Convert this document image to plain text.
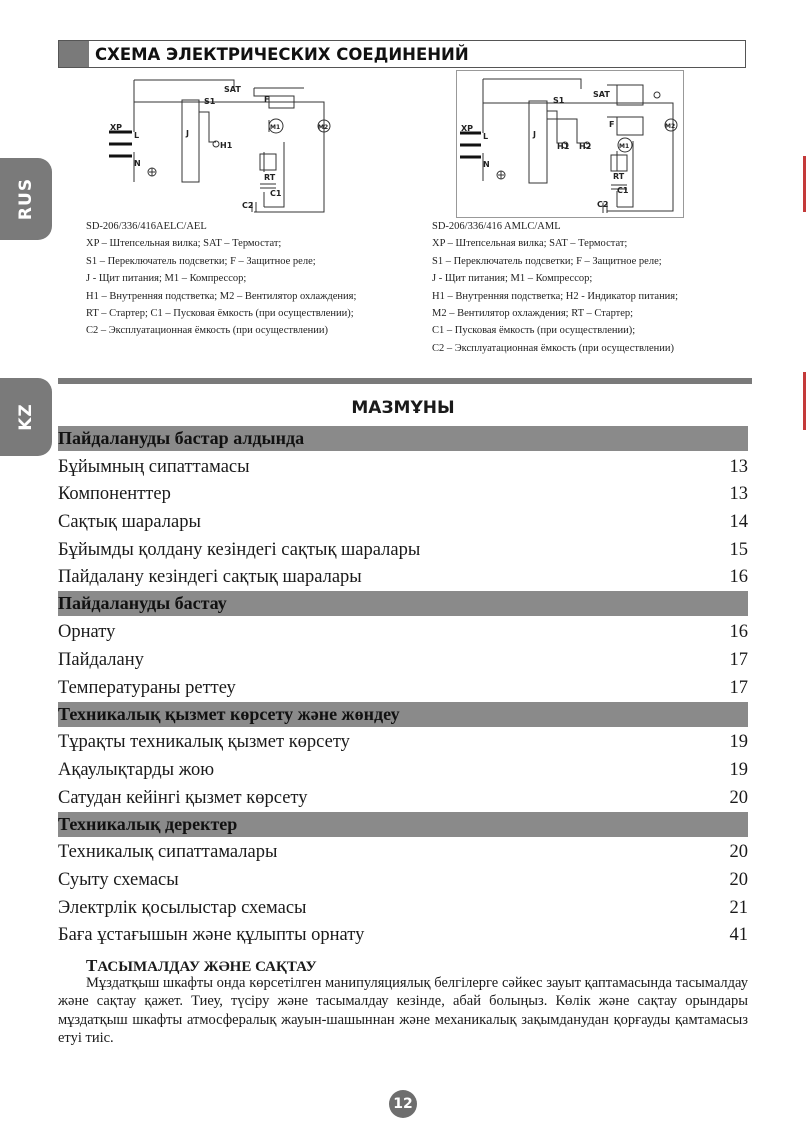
RUS
KZ
СХЕМА ЭЛЕКТРИЧЕСКИХ СОЕДИНЕНИЙ
XP
L
N
J
S1
H1
SAT
F
M1	M2
RT
C1
C2
XP
L
N
J
S1
H1 H2
SAT
F
M1
M2
RT
C1
C2
SD-206/336/416AELC/AEL
XP – Штепсельная вилка; SAT – Термостат;
S1 – Переключатель подсветки; F – Защитное реле;
J - Щит питания; M1 – Компрессор;
H1 – Внутренняя подстветка; M2 – Вентилятор охлаждения;
RT – Стартер; C1 – Пусковая ёмкость (при осуществлении);
C2 – Эксплуатационная ёмкость (при осуществлении)
SD-206/336/416 AMLC/AML
XP – Штепсельная вилка; SAT – Термостат;
S1 – Переключатель подсветки; F – Защитное реле;
J - Щит питания; M1 – Компрессор;
H1 – Внутренняя подстветка; H2 - Индикатор питания;
M2 – Вентилятор охлаждения; RT – Стартер;
C1 – Пусковая ёмкость (при осуществлении);
C2 – Эксплуатационная ёмкость (при осуществлении)
МАЗМҰНЫ
Пайдалануды бастар алдында
Бұйымның сипаттамасы	13
Компоненттер	13
Сақтық шаралары	14
Бұйымды қолдану кезіндегі сақтық шаралары	15
Пайдалану кезіндегі сақтық шаралары	16
Пайдалануды бастау
Орнату	16
Пайдалану	17
Температураны реттеу	17
Техникалық қызмет көрсету және жөндеу
Тұрақты техникалық қызмет көрсету	19
Ақаулықтарды жою	19
Сатудан кейінгі қызмет көрсету	20
Техникалық деректер
Техникалық сипаттамалары	20
Суыту схемасы	20
Электрлік қосылыстар схемасы	21
Баға ұстағышын және құлыпты орнату	41
ТАСЫМАЛДАУ ЖӘНЕ САҚТАУ
Мұздатқыш шкафты онда көрсетілген манипуляциялық белгілерге сәйкес зауыт қаптамасында тасымалдау және сақтау қажет. Тиеу, түсіру және тасымалдау кезінде, абай болыңыз. Көлік және сақтау орындары мұздатқыш шкафты атмосфералық жауын-шашыннан және механикалық зақымданудан қорғауды қамтамасыз етуі тиіс.
12
